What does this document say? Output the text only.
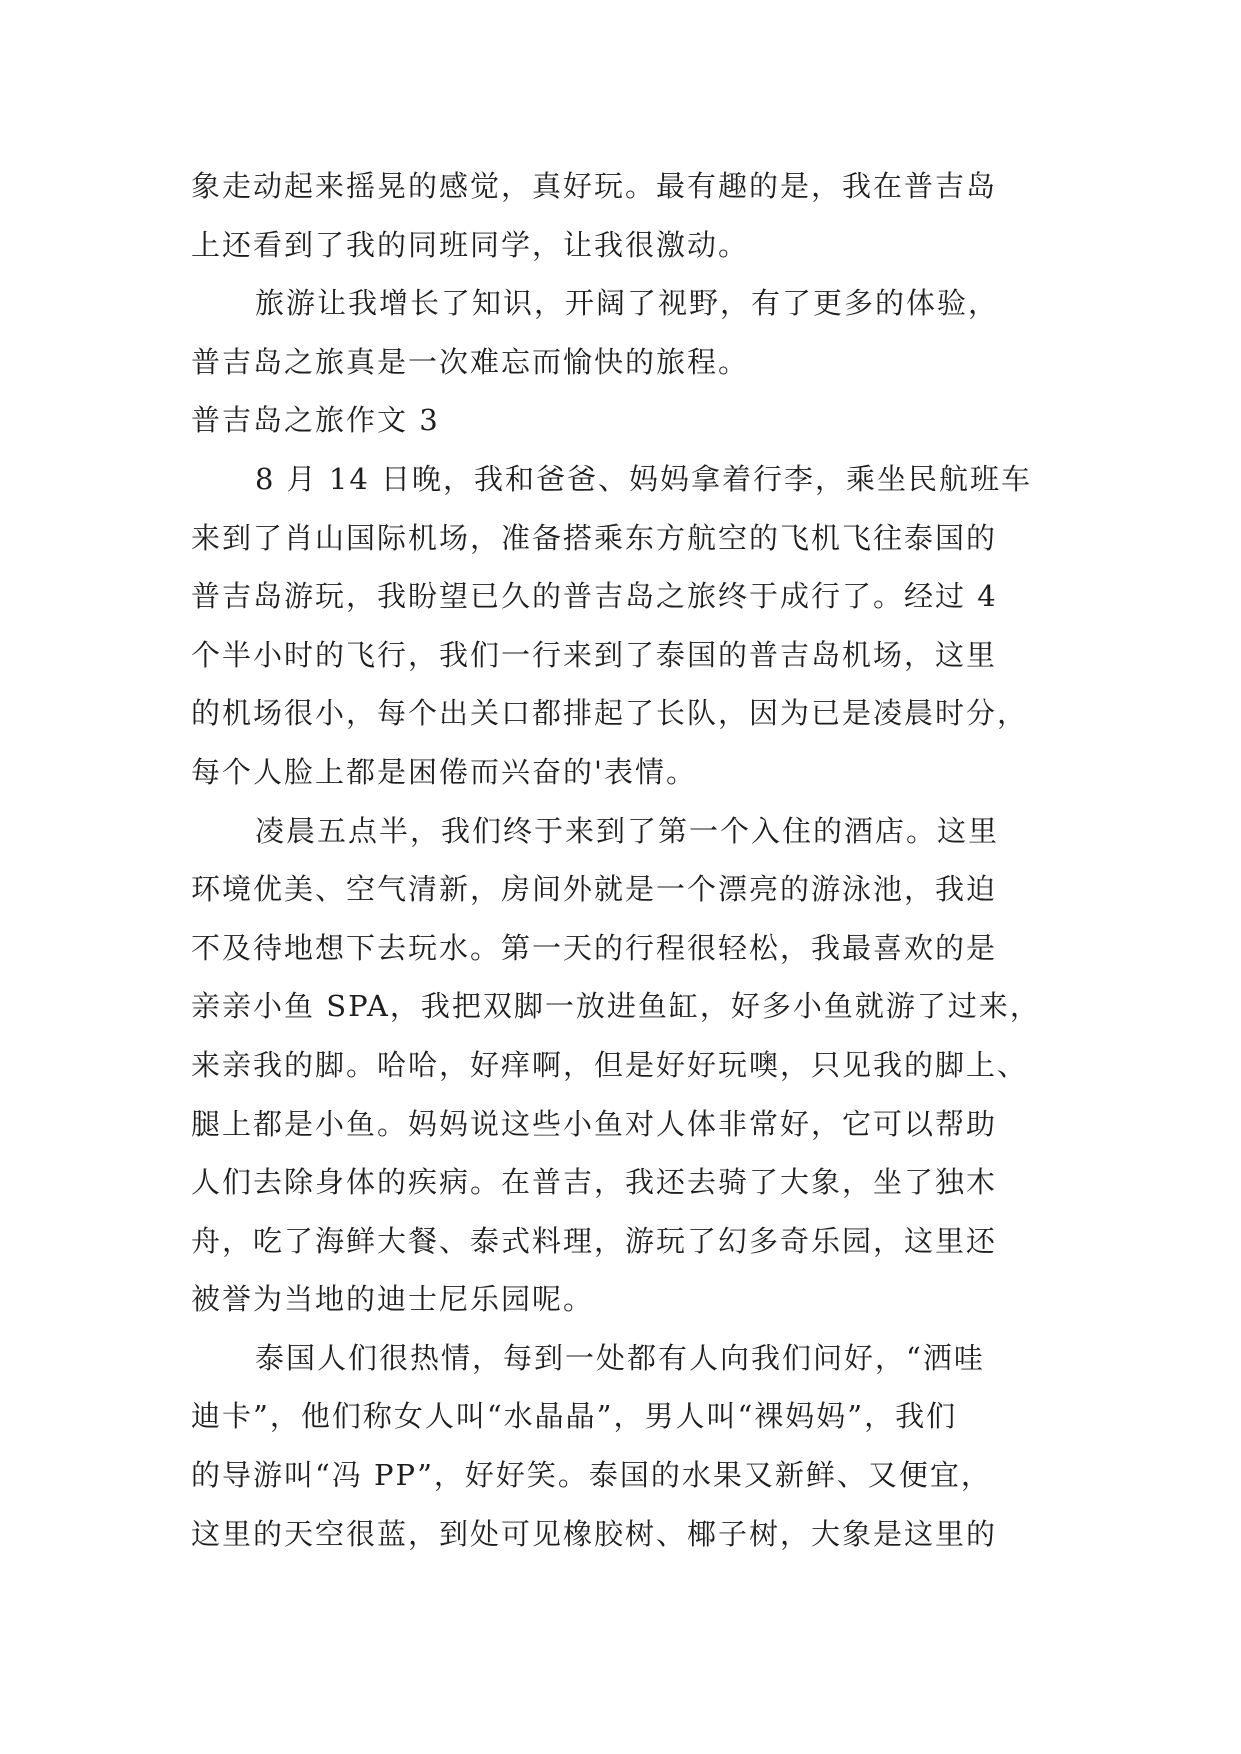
象走动起来摇晃的感觉，真好玩。最有趣的是，我在普吉岛
上还看到了我的同班同学，让我很激动。
旅游让我增长了知识，开阔了视野，有了更多的体验，
普吉岛之旅真是一次难忘而愉快的旅程。
普吉岛之旅作文 3
8 月 14 日晚，我和爸爸、妈妈拿着行李，乘坐民航班车
来到了肖山国际机场，准备搭乘东方航空的飞机飞往泰国的
普吉岛游玩，我盼望已久的普吉岛之旅终于成行了。经过 4
个半小时的飞行，我们一行来到了泰国的普吉岛机场，这里
的机场很小，每个出关口都排起了长队，因为已是凌晨时分，
每个人脸上都是困倦而兴奋的'表情。
凌晨五点半，我们终于来到了第一个入住的酒店。这里
环境优美、空气清新，房间外就是一个漂亮的游泳池，我迫
不及待地想下去玩水。第一天的行程很轻松，我最喜欢的是
亲亲小鱼 SPA，我把双脚一放进鱼缸，好多小鱼就游了过来，
来亲我的脚。哈哈，好痒啊，但是好好玩噢，只见我的脚上、
腿上都是小鱼。妈妈说这些小鱼对人体非常好，它可以帮助
人们去除身体的疾病。在普吉，我还去骑了大象，坐了独木
舟，吃了海鲜大餐、泰式料理，游玩了幻多奇乐园，这里还
被誉为当地的迪士尼乐园呢。
泰国人们很热情，每到一处都有人向我们问好，“洒哇
迪卡”，他们称女人叫“水晶晶”，男人叫“裸妈妈”，我们
的导游叫“冯 PP”，好好笑。泰国的水果又新鲜、又便宜，
这里的天空很蓝，到处可见橡胶树、椰子树，大象是这里的
